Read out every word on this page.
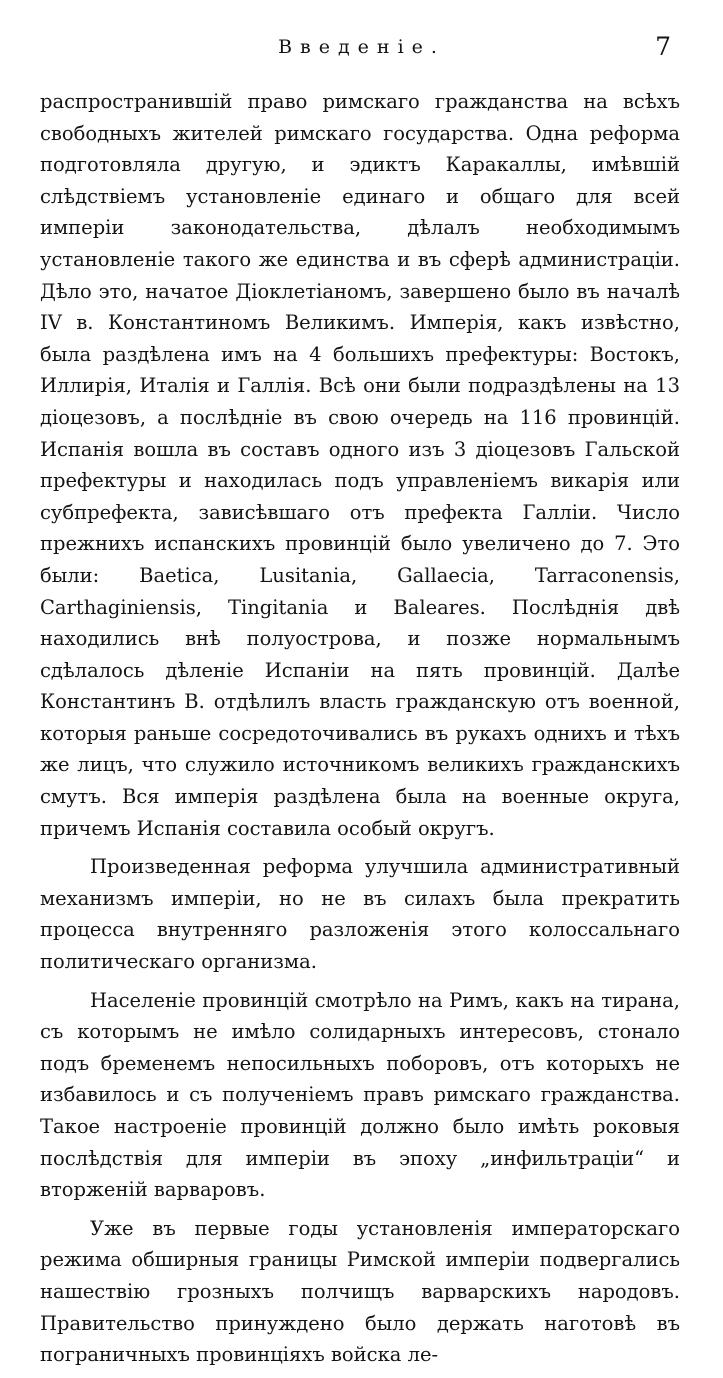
Введеніе.	7

распространившій право римскаго гражданства на всѣхъ свободныхъ жителей римскаго государства. Одна реформа подготовляла другую, и эдиктъ Каракаллы, имѣвшій слѣдствіемъ установленіе единаго и общаго для всей имперіи законодательства, дѣлалъ необходимымъ установленіе такого же единства и въ сферѣ администраціи. Дѣло это, начатое Діоклетіаномъ, завершено было въ началѣ IV в. Константиномъ Великимъ. Имперія, какъ извѣстно, была раздѣлена имъ на 4 большихъ префектуры: Востокъ, Иллирія, Италія и Галлія. Всѣ они были подраздѣлены на 13 діоцезовъ, а послѣдніе въ свою очередь на 116 провинцій. Испанія вошла въ составъ одного изъ 3 діоцезовъ Гальской префектуры и находилась подъ управленіемъ викарія или субпрефекта, зависѣвшаго отъ префекта Галліи. Число прежнихъ испанскихъ провинцій было увеличено до 7. Это были: Baetica, Lusitania, Gallaecia, Tarraconensis, Carthaginiensis, Tingitania и Baleares. Послѣднія двѣ находились внѣ полуострова, и позже нормальнымъ сдѣлалось дѣленіе Испаніи на пять провинцій. Далѣе Константинъ В. отдѣлилъ власть гражданскую отъ военной, которыя раньше сосредоточивались въ рукахъ однихъ и тѣхъ же лицъ, что служило источникомъ великихъ гражданскихъ смутъ. Вся имперія раздѣлена была на военные округа, причемъ Испанія составила особый округъ.

Произведенная реформа улучшила административный механизмъ имперіи, но не въ силахъ была прекратить процесса внутренняго разложенія этого колоссальнаго политическаго организма.

Населеніе провинцій смотрѣло на Римъ, какъ на тирана, съ которымъ не имѣло солидарныхъ интересовъ, стонало подъ бременемъ непосильныхъ поборовъ, отъ которыхъ не избавилось и съ полученіемъ правъ римскаго гражданства. Такое настроеніе провинцій должно было имѣть роковыя послѣдствія для имперіи въ эпоху „инфильтраціи“ и вторженій варваровъ.

Уже въ первые годы установленія императорскаго режима обширныя границы Римской имперіи подвергались нашествію грозныхъ полчищъ варварскихъ народовъ. Правительство принуждено было держать наготовѣ въ пограничныхъ провинціяхъ войска ле-
